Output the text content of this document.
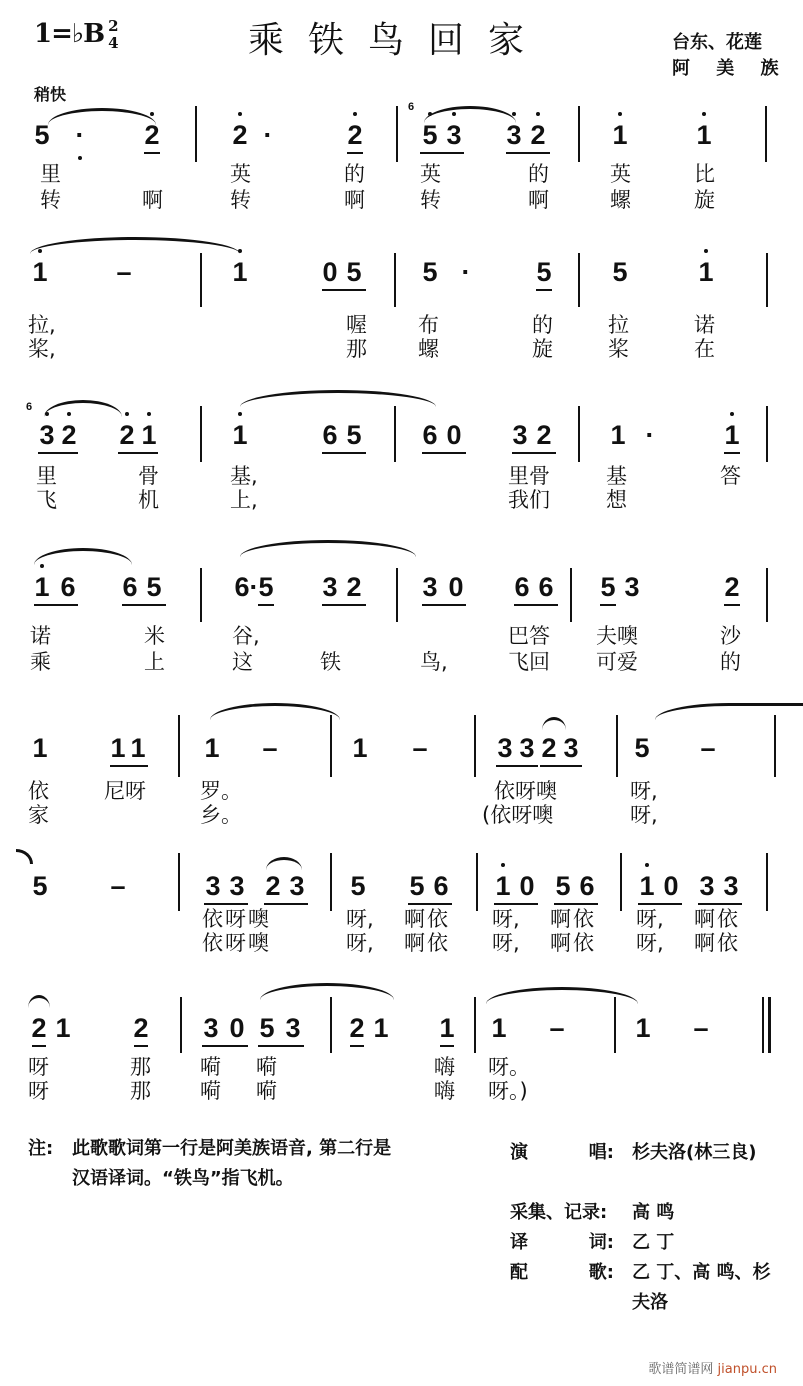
1=♭B 2
4	乘铁鸟回家	台东、花莲
阿 美 族
稍快
5 · 2	2 ·	2
6
5 3 3 2 1	1
里	英	的	英	的	英	比
转	啊	转	啊	转	啊	螺	旋
1	–	1	0 5 5 · 5 5	1
拉,	喔 布	的	拉	诺
桨,	那 螺	旋	桨	在
6
3 2 2 1	1	6 5 6 0 3 2 1 ·	1
里	骨	基,	里骨	基	答
飞	机	上,	我们	想
1 6 6 5	6·5 3 2 3 0 6 6 5 3	2
诺	米	谷,	巴答 夫噢	沙
乘	上	这	铁	鸟,	飞回 可爱	的
1 1 1 1 –	1 –	3 3 2 3 5 –
依	尼呀	罗。	依呀噢	呀,
家	乡。	(依呀噢	呀,
5 –	3 3 2 3 5 5 6 1 0 5 6 1 0 3 3
依呀噢	呀, 啊依 呀, 啊依 呀, 啊依
依呀噢	呀, 啊依 呀, 啊依 呀, 啊依
2 1 2 3 0 5 3 2 1 1 1 –	1 –
呀	那 嗬 嗬	嗨 呀。
呀	那 嗬 嗬	嗨 呀。)
注: 此歌歌词第一行是阿美族语音, 第二行是
汉语译词。“铁鸟”指飞机。
演	唱: 杉夫洛(林三良)
采集、记录: 高 鸣
译	词: 乙 丁
配	歌: 乙 丁、高 鸣、杉夫洛
歌谱简谱网 jianpu.cn
